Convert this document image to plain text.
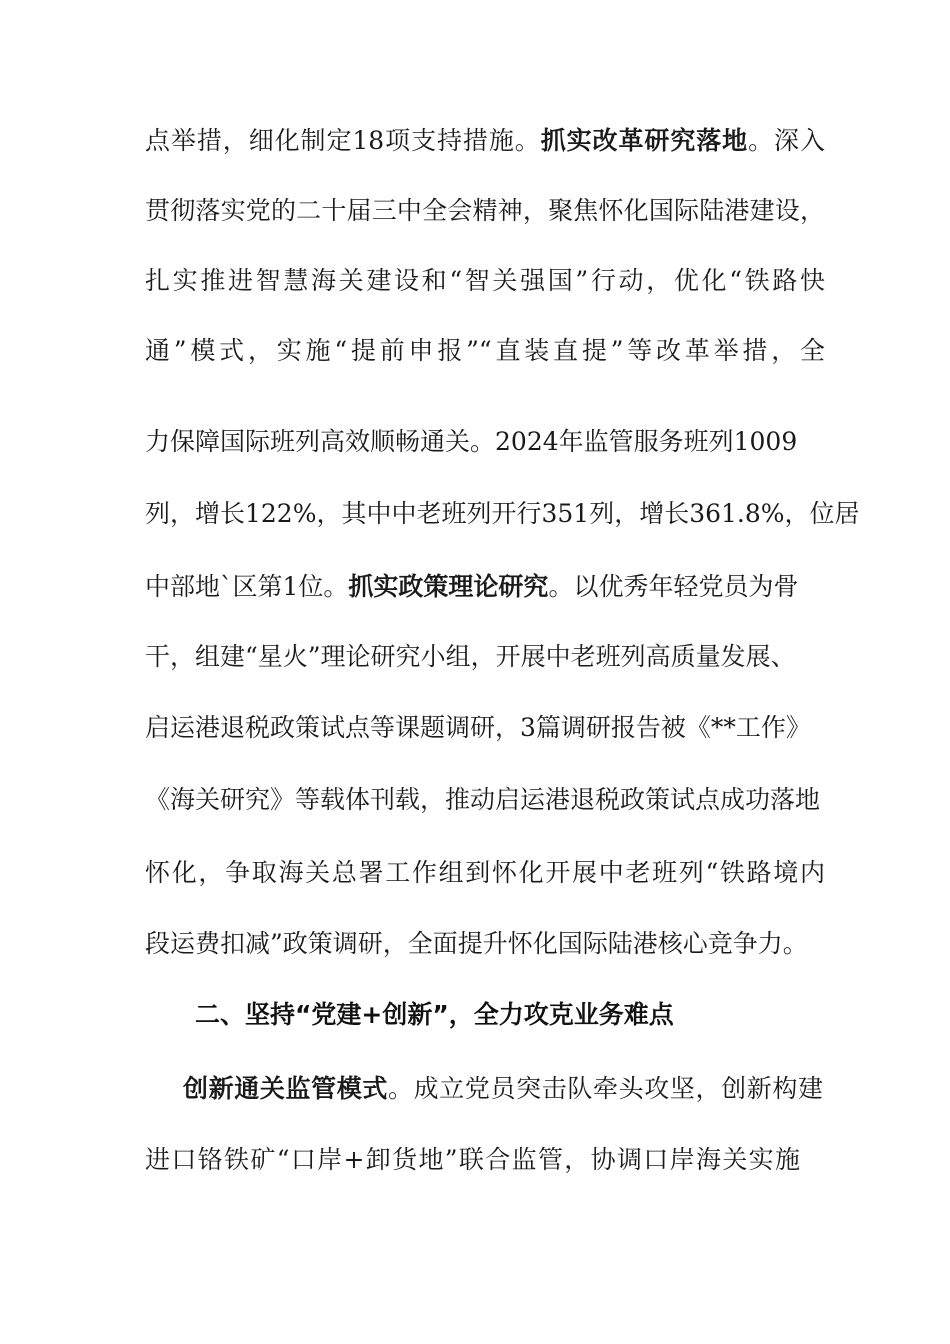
点举措，细化制定18项支持措施。抓实改革研究落地。深入
贯彻落实党的二十届三中全会精神，聚焦怀化国际陆港建设，
扎实推进智慧海关建设和“智关强国”行动，优化“铁路快
通”模式，实施“提前申报”“直装直提”等改革举措，全
力保障国际班列高效顺畅通关。2024年监管服务班列1009
列，增长122%，其中中老班列开行351列，增长361.8%，位居
中部地`区第1位。抓实政策理论研究。以优秀年轻党员为骨
干，组建“星火”理论研究小组，开展中老班列高质量发展、
启运港退税政策试点等课题调研，3篇调研报告被《**工作》
《海关研究》等载体刊载，推动启运港退税政策试点成功落地
怀化，争取海关总署工作组到怀化开展中老班列“铁路境内
段运费扣减”政策调研，全面提升怀化国际陆港核心竞争力。
二、坚持“党建+创新”，全力攻克业务难点
创新通关监管模式。成立党员突击队牵头攻坚，创新构建
进口铬铁矿“口岸+卸货地”联合监管，协调口岸海关实施
